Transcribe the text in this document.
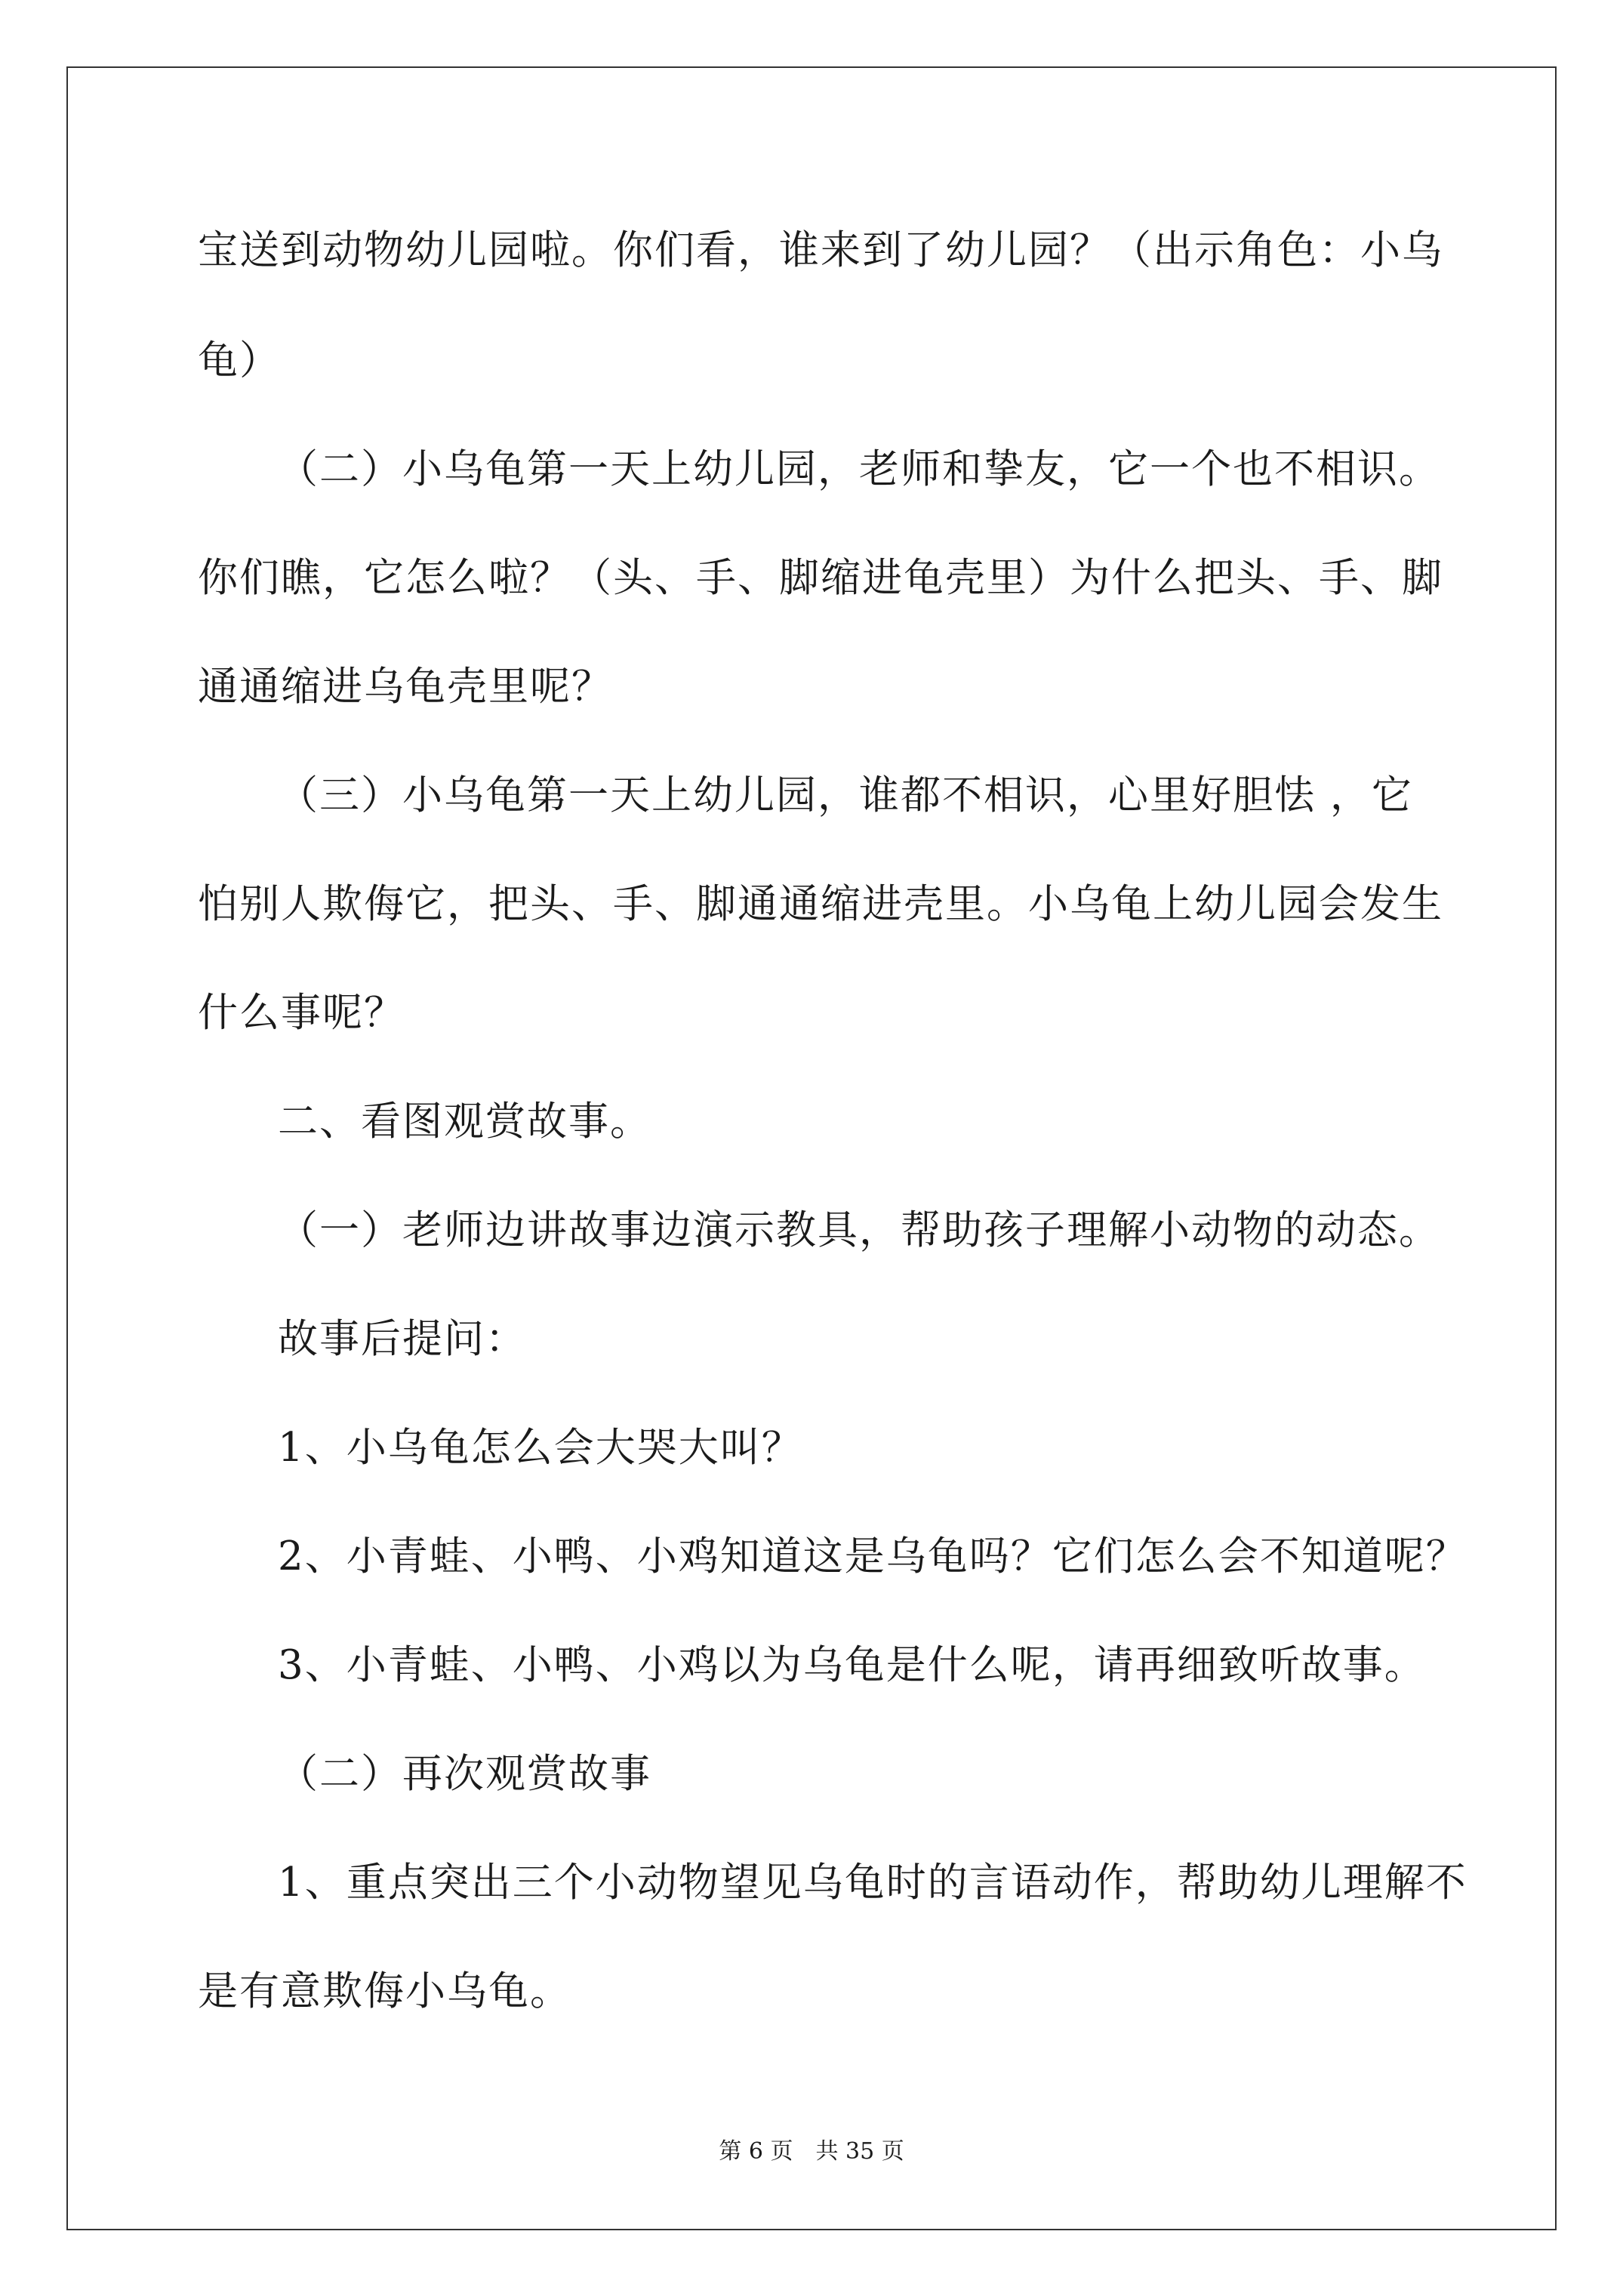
宝送到动物幼儿园啦。你们看，谁来到了幼儿园？（出示角色：小乌
龟）
（二）小乌龟第一天上幼儿园，老师和挚友，它一个也不相识。
你们瞧，它怎么啦？（头、手、脚缩进龟壳里）为什么把头、手、脚
通通缩进乌龟壳里呢？
（三）小乌龟第一天上幼儿园，谁都不相识，心里好胆怯 ，它
怕别人欺侮它，把头、手、脚通通缩进壳里。小乌龟上幼儿园会发生
什么事呢？
二、看图观赏故事。
（一）老师边讲故事边演示教具，帮助孩子理解小动物的动态。
故事后提问：
1、小乌龟怎么会大哭大叫？
2、小青蛙、小鸭、小鸡知道这是乌龟吗？它们怎么会不知道呢？
3、小青蛙、小鸭、小鸡以为乌龟是什么呢，请再细致听故事。
（二）再次观赏故事
1、重点突出三个小动物望见乌龟时的言语动作，帮助幼儿理解不
是有意欺侮小乌龟。
第 6 页　共 35 页
